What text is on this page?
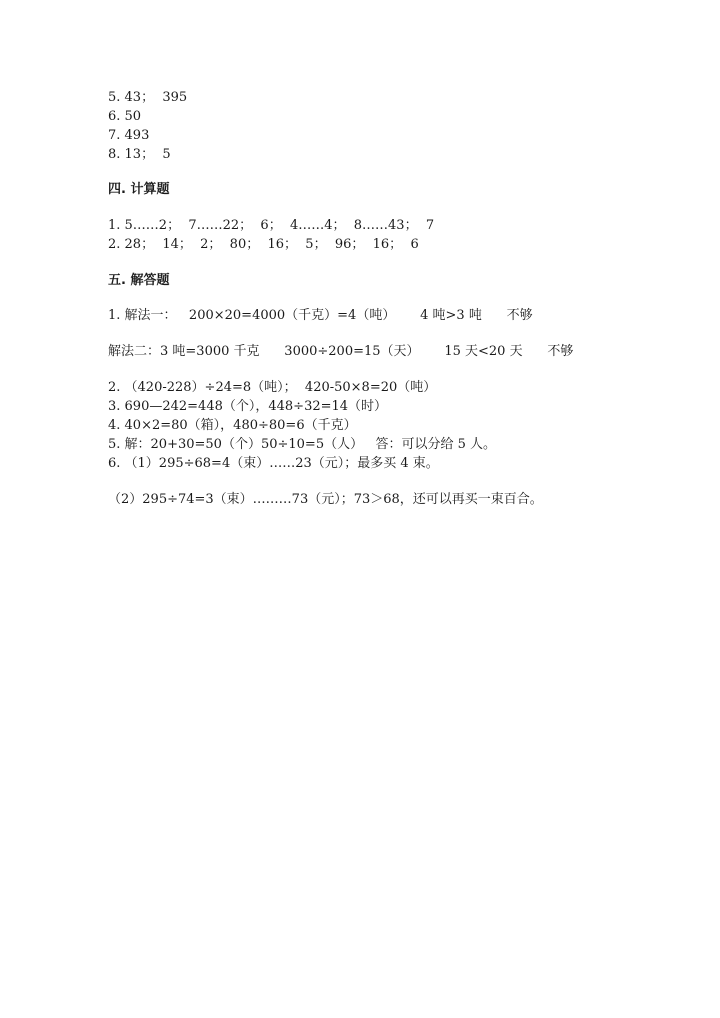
5. 43；  395
6. 50
7. 493
8. 13；  5
四. 计算题
1. 5……2；  7……22；  6；  4……4；  8……43；  7
2. 28；  14；  2；  80；  16；  5；  96；  16；  6
五. 解答题
1. 解法一：   200×20=4000（千克）=4（吨）      4 吨>3 吨      不够
解法二：3 吨=3000 千克      3000÷200=15（天）      15 天<20 天      不够
2. （420-228）÷24=8（吨）；  420-50×8=20（吨）
3. 690—242=448（个），448÷32=14（时）
4. 40×2=80（箱），480÷80=6（千克）
5. 解：20+30=50（个）50÷10=5（人）   答：可以分给 5 人。
6. （1）295÷68=4（束）……23（元）；最多买 4 束。
（2）295÷74=3（束）………73（元）；73＞68，还可以再买一束百合。
